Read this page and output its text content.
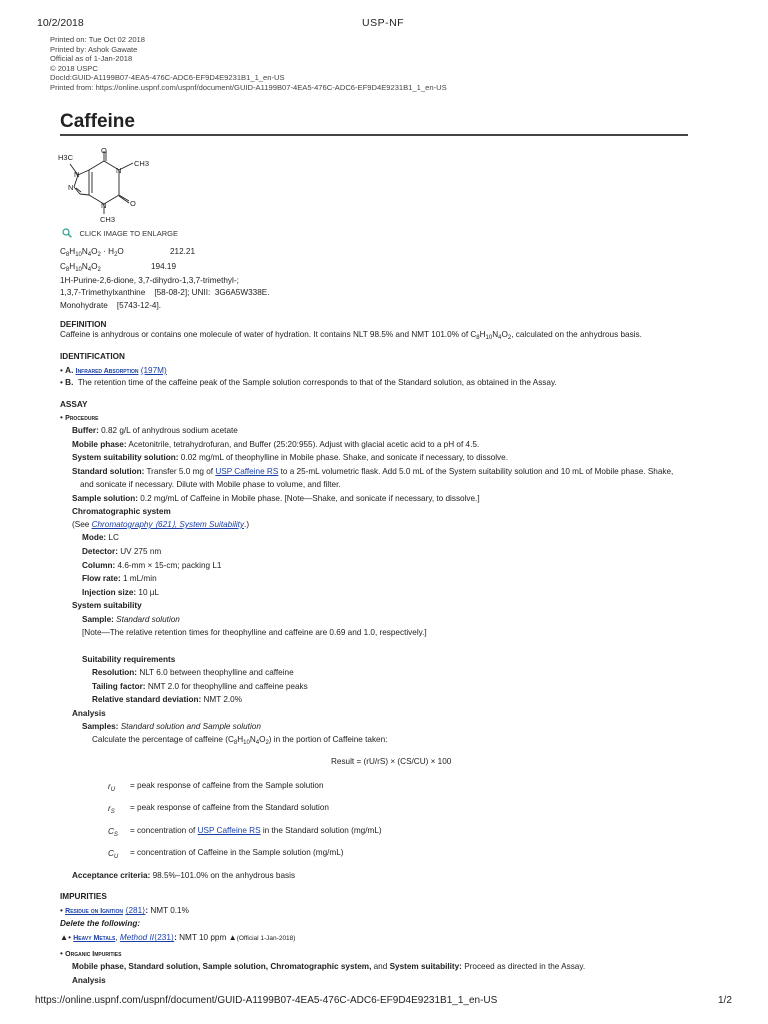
10/2/2018	USP-NF
Printed on: Tue Oct 02 2018
Printed by: Ashok Gawate
Official as of 1-Jan-2018
© 2018 USPC
DocId:GUID-A1199B07-4EA5-476C-ADC6-EF9D4E9231B1_1_en-US
Printed from: https://online.uspnf.com/uspnf/document/GUID-A1199B07-4EA5-476C-ADC6-EF9D4E9231B1_1_en-US
Caffeine
H3C
CH3
O
O
CH3
N
N
N
N
CLICK IMAGE TO ENLARGE
$C_8H_{10}N_4O_2 \cdot H_2O$	212.21
$C_8H_{10}N_4O_2$	194.19
1H-Purine-2,6-dione, 3,7-dihydro-1,3,7-trimethyl-;
1,3,7-Trimethylxanthine    [58-08-2]; UNII:  3G6A5W338E.
Monohydrate    [5743-12-4].
DEFINITION
Caffeine is anhydrous or contains one molecule of water of hydration. It contains NLT 98.5% and NMT 101.0% of $C_8H_{10}N_4O_2$, calculated on the anhydrous basis.
IDENTIFICATION
• A. Infrared Absorption (197M)
• B. The retention time of the caffeine peak of the Sample solution corresponds to that of the Standard solution, as obtained in the Assay.
ASSAY
• Procedure
Buffer: 0.82 g/L of anhydrous sodium acetate
Mobile phase: Acetonitrile, tetrahydrofuran, and Buffer (25:20:955). Adjust with glacial acetic acid to a pH of 4.5.
System suitability solution: 0.02 mg/mL of theophylline in Mobile phase. Shake, and sonicate if necessary, to dissolve.
Standard solution: Transfer 5.0 mg of USP Caffeine RS to a 25-mL volumetric flask. Add 5.0 mL of the System suitability solution and 10 mL of Mobile phase. Shake,
and sonicate if necessary. Dilute with Mobile phase to volume, and filter.
Sample solution: 0.2 mg/mL of Caffeine in Mobile phase. [Note—Shake, and sonicate if necessary, to dissolve.]
Chromatographic system
(See Chromatography ⟨621⟩, System Suitability.)
Mode: LC
Detector: UV 275 nm
Column: 4.6-mm × 15-cm; packing L1
Flow rate: 1 mL/min
Injection size: 10 µL
System suitability
Sample: Standard solution
[Note—The relative retention times for theophylline and caffeine are 0.69 and 1.0, respectively.]
Suitability requirements
Resolution: NLT 6.0 between theophylline and caffeine
Tailing factor: NMT 2.0 for theophylline and caffeine peaks
Relative standard deviation: NMT 2.0%
Analysis
Samples: Standard solution and Sample solution
Calculate the percentage of caffeine $(C_8H_{10}N_4O_2)$ in the portion of Caffeine taken:
Result = (rU/rS) × (CS/CU) × 100
$r_U$ = peak response of caffeine from the Sample solution
$r_S$ = peak response of caffeine from the Standard solution
$C_S$ = concentration of USP Caffeine RS in the Standard solution (mg/mL)
$C_U$ = concentration of Caffeine in the Sample solution (mg/mL)
Acceptance criteria: 98.5%–101.0% on the anhydrous basis
IMPURITIES
• Residue on Ignition ⟨281⟩: NMT 0.1%
Delete the following:
▲• Heavy Metals, Method II⟨231⟩: NMT 10 ppm ▲(Official 1-Jan-2018)
• Organic Impurities
Mobile phase, Standard solution, Sample solution, Chromatographic system, and System suitability: Proceed as directed in the Assay.
Analysis
https://online.uspnf.com/uspnf/document/GUID-A1199B07-4EA5-476C-ADC6-EF9D4E9231B1_1_en-US	1/2
